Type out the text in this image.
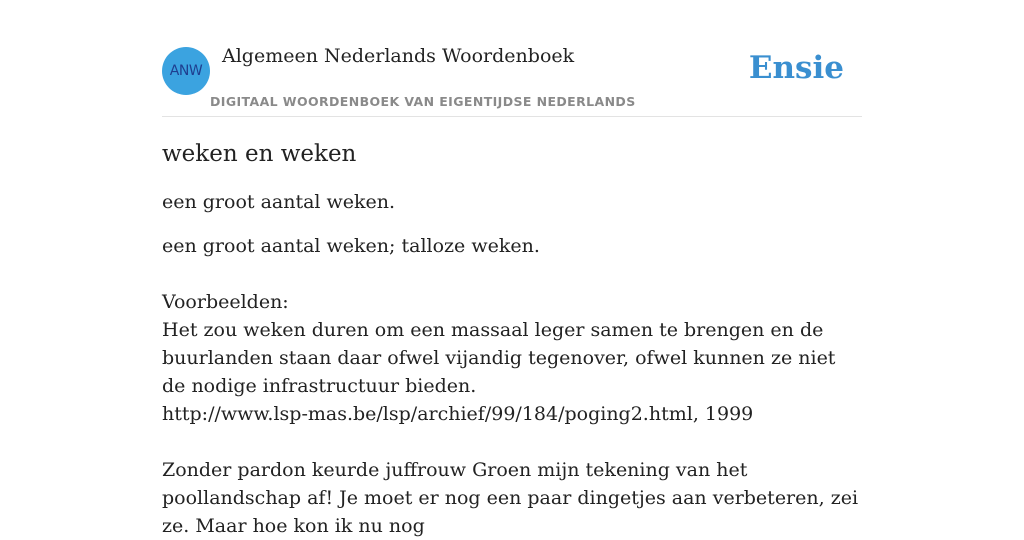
ANW
Algemeen Nederlands Woordenboek
DIGITAAL WOORDENBOEK VAN EIGENTIJDSE NEDERLANDS
Ensie
weken en weken

een groot aantal weken.

een groot aantal weken; talloze weken.
Voorbeelden:
Het zou weken duren om een massaal leger samen te brengen en de buurlanden staan daar ofwel vijandig tegenover, ofwel kunnen ze niet de nodige infrastructuur bieden.
http://www.lsp-mas.be/lsp/archief/99/184/poging2.html, 1999
Zonder pardon keurde juffrouw Groen mijn tekening van het poollandschap af! Je moet er nog een paar dingetjes aan verbeteren, zei ze. Maar hoe kon ik nu nog
